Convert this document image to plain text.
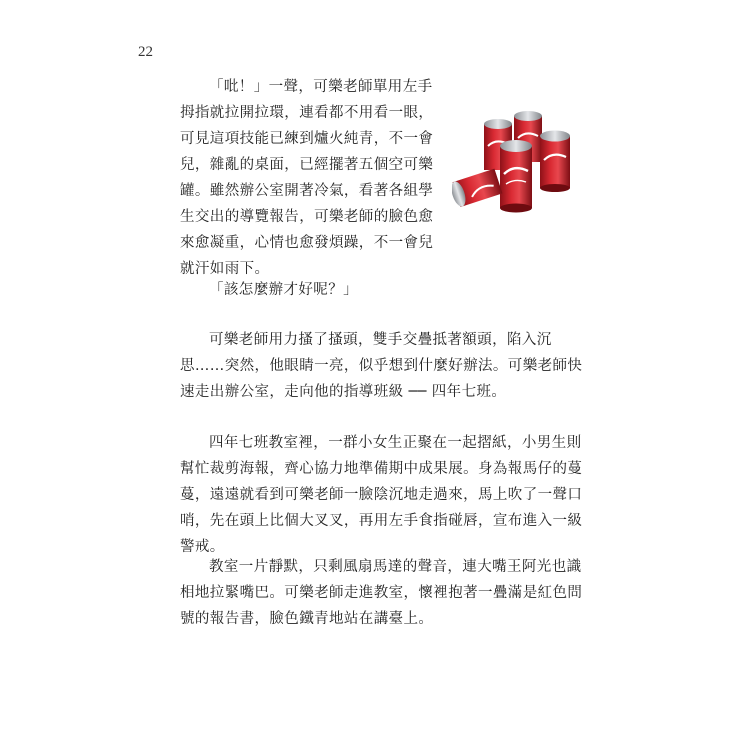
22

「吡！」一聲，可樂老師單用左手拇指就拉開拉環，連看都不用看一眼，可見這項技能已練到爐火純青，不一會兒，雜亂的桌面，已經擺著五個空可樂罐。雖然辦公室開著冷氣，看著各組學生交出的導覽報告，可樂老師的臉色愈來愈凝重，心情也愈發煩躁，不一會兒就汗如雨下。

「該怎麼辦才好呢？」

可樂老師用力搔了搔頭，雙手交疊抵著額頭，陷入沉思……突然，他眼睛一亮，似乎想到什麼好辦法。可樂老師快速走出辦公室，走向他的指導班級 ── 四年七班。

四年七班教室裡，一群小女生正聚在一起摺紙，小男生則幫忙裁剪海報，齊心協力地準備期中成果展。身為報馬仔的蔓蔓，遠遠就看到可樂老師一臉陰沉地走過來，馬上吹了一聲口哨，先在頭上比個大叉叉，再用左手食指碰唇，宣布進入一級警戒。

教室一片靜默，只剩風扇馬達的聲音，連大嘴王阿光也識相地拉緊嘴巴。可樂老師走進教室，懷裡抱著一疊滿是紅色問號的報告書，臉色鐵青地站在講臺上。
